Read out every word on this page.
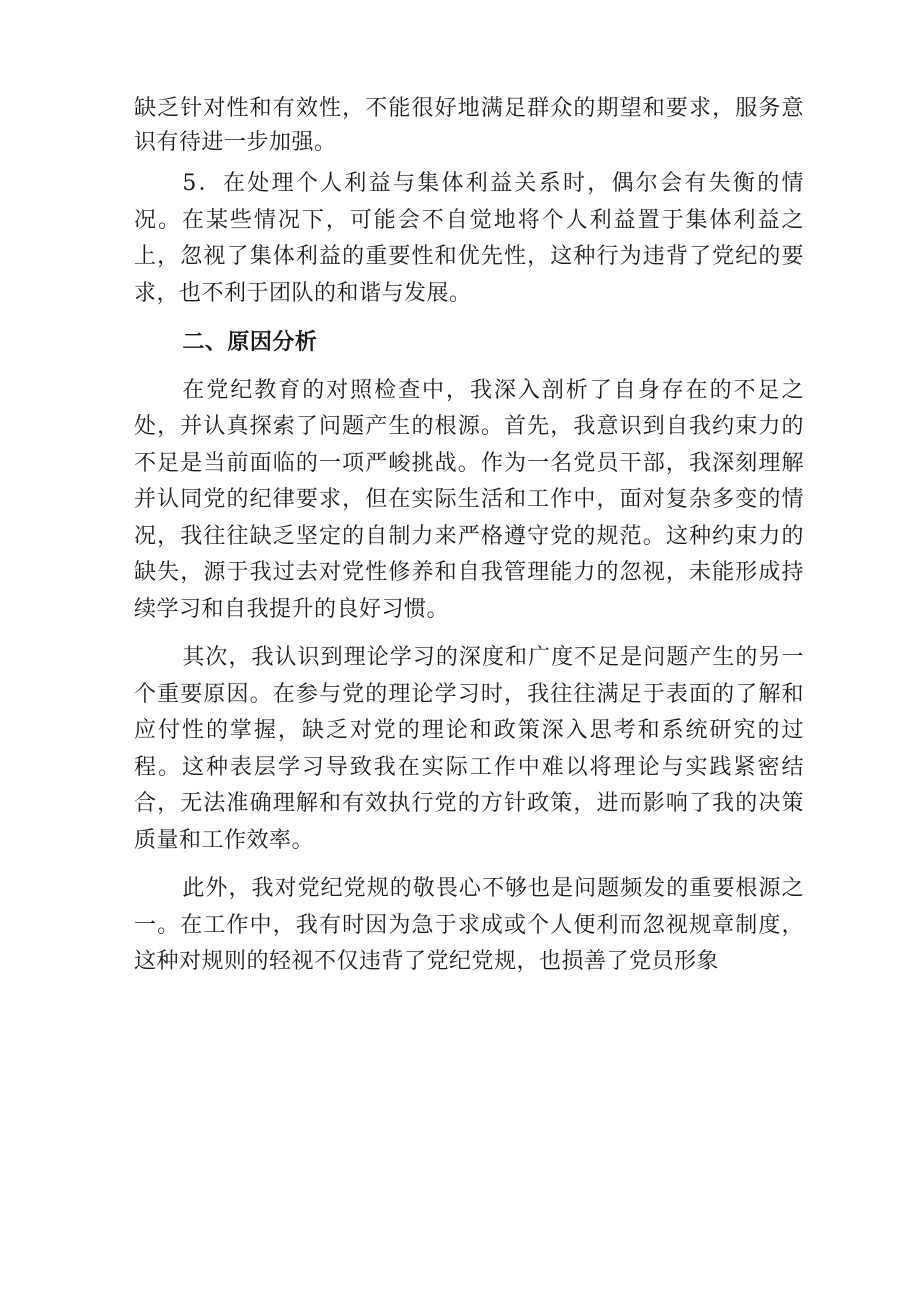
缺乏针对性和有效性，不能很好地满足群众的期望和要求，服务意识有待进一步加强。

5．在处理个人利益与集体利益关系时，偶尔会有失衡的情况。在某些情况下，可能会不自觉地将个人利益置于集体利益之上，忽视了集体利益的重要性和优先性，这种行为违背了党纪的要求，也不利于团队的和谐与发展。

二、原因分析

在党纪教育的对照检查中，我深入剖析了自身存在的不足之处，并认真探索了问题产生的根源。首先，我意识到自我约束力的不足是当前面临的一项严峻挑战。作为一名党员干部，我深刻理解并认同党的纪律要求，但在实际生活和工作中，面对复杂多变的情况，我往往缺乏坚定的自制力来严格遵守党的规范。这种约束力的缺失，源于我过去对党性修养和自我管理能力的忽视，未能形成持续学习和自我提升的良好习惯。

其次，我认识到理论学习的深度和广度不足是问题产生的另一个重要原因。在参与党的理论学习时，我往往满足于表面的了解和应付性的掌握，缺乏对党的理论和政策深入思考和系统研究的过程。这种表层学习导致我在实际工作中难以将理论与实践紧密结合，无法准确理解和有效执行党的方针政策，进而影响了我的决策质量和工作效率。

此外，我对党纪党规的敬畏心不够也是问题频发的重要根源之一。在工作中，我有时因为急于求成或个人便利而忽视规章制度，这种对规则的轻视不仅违背了党纪党规，也损善了党员形象
